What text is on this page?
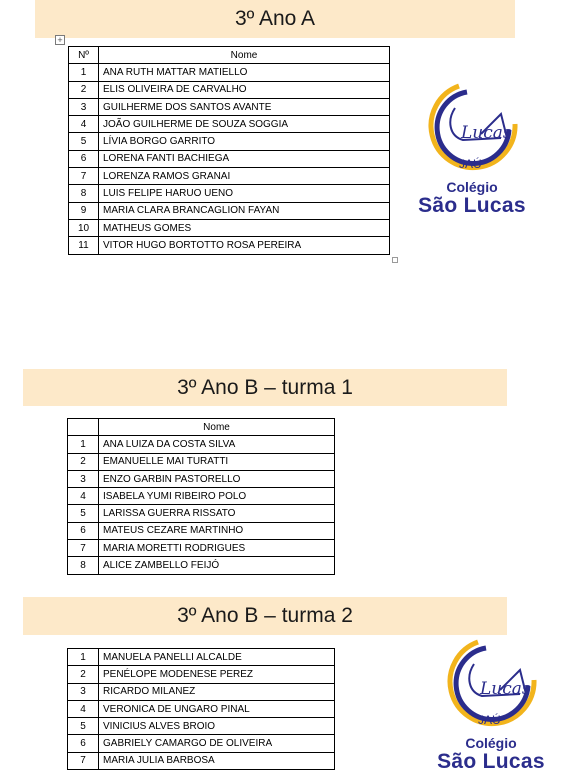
3º Ano A
+
Nº	Nome
1	ANA RUTH MATTAR MATIELLO
2	ELIS OLIVEIRA DE CARVALHO
3	GUILHERME DOS SANTOS AVANTE
4	JOÃO GUILHERME DE SOUZA SOGGIA
5	LÍVIA BORGO GARRITO
6	LORENA FANTI BACHIEGA
7	LORENZA RAMOS GRANAI
8	LUIS FELIPE HARUO UENO
9	MARIA CLARA BRANCAGLION FAYAN
10	MATHEUS GOMES
11	VITOR HUGO BORTOTTO ROSA PEREIRA
Lucas
JAÚ
Colégio
São Lucas
3º Ano B – turma 1
	Nome
1	ANA LUIZA DA COSTA SILVA
2	EMANUELLE MAI TURATTI
3	ENZO GARBIN PASTORELLO
4	ISABELA YUMI RIBEIRO POLO
5	LARISSA GUERRA RISSATO
6	MATEUS CEZARE MARTINHO
7	MARIA MORETTI RODRIGUES
8	ALICE ZAMBELLO FEIJÓ
3º Ano B – turma 2
1	MANUELA PANELLI ALCALDE
2	PENÉLOPE MODENESE PEREZ
3	RICARDO MILANEZ
4	VERONICA DE UNGARO PINAL
5	VINICIUS ALVES BROIO
6	GABRIELY CAMARGO DE OLIVEIRA
7	MARIA JULIA BARBOSA
Lucas
JAÚ
Colégio
São Lucas
